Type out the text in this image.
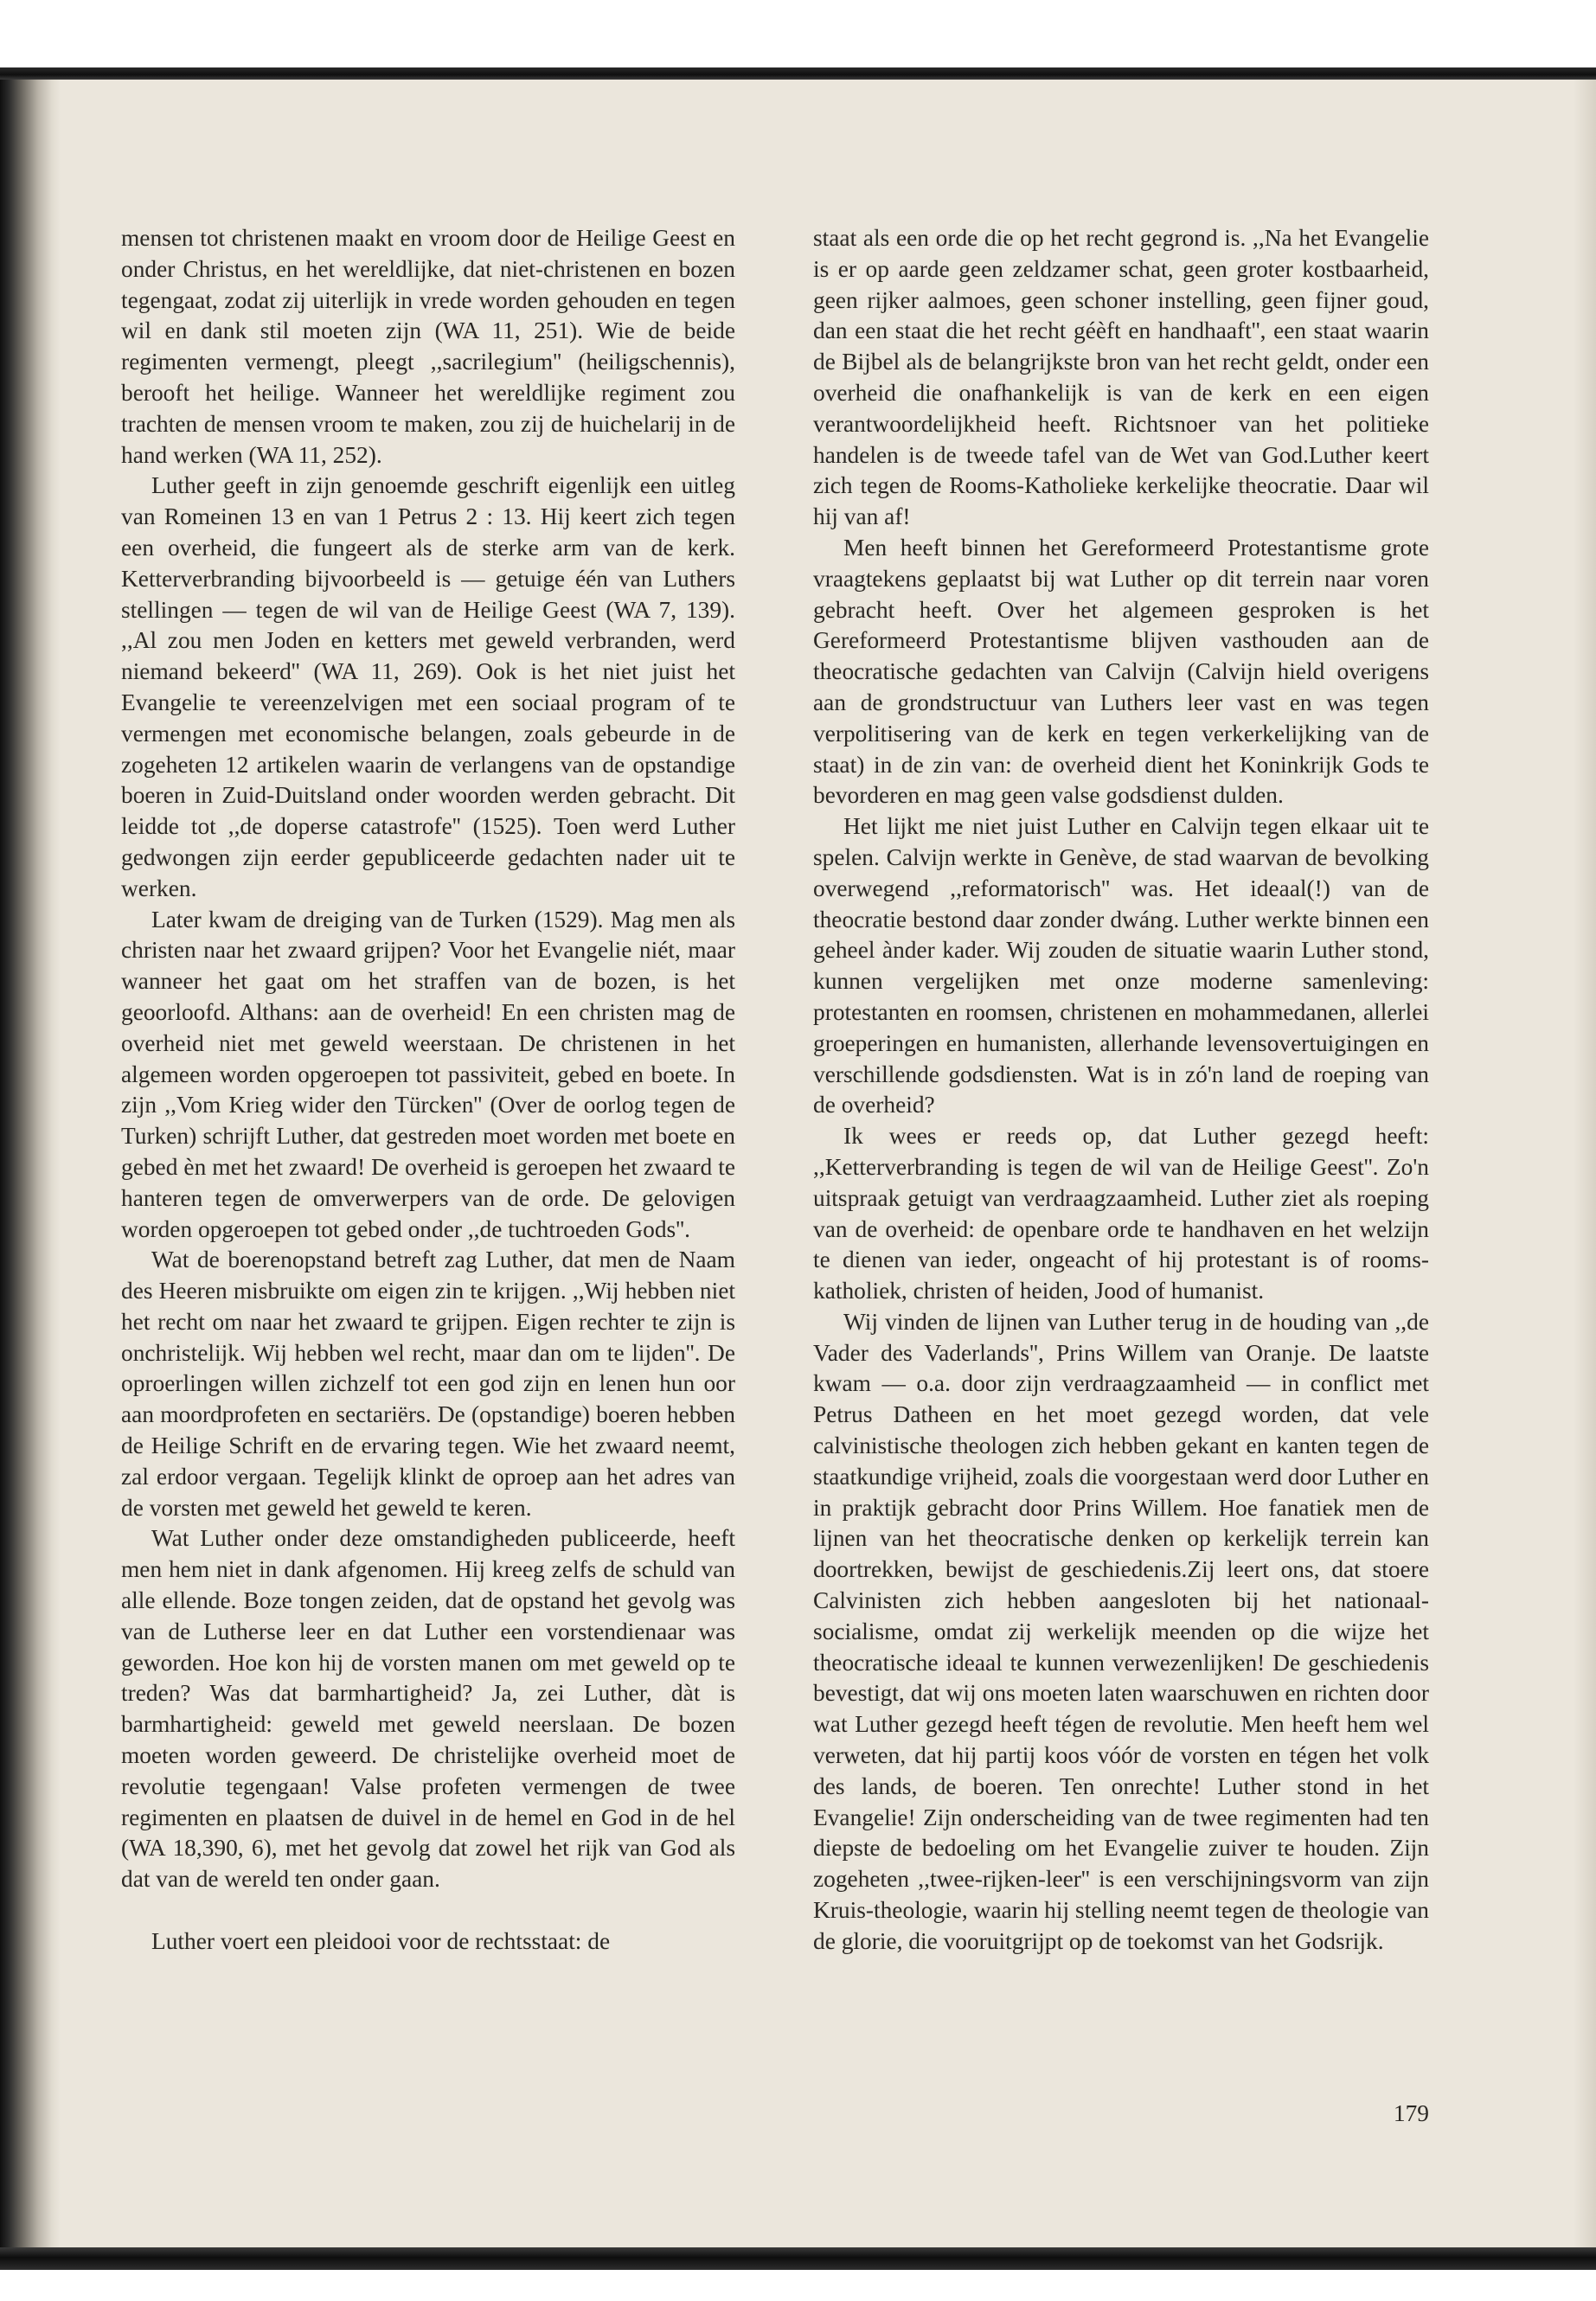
mensen tot christenen maakt en vroom door de Heilige Geest en onder Christus, en het wereldlijke, dat niet-christenen en bozen tegengaat, zodat zij uiterlijk in vrede worden gehouden en tegen wil en dank stil moeten zijn (WA 11, 251). Wie de beide regimenten vermengt, pleegt ,,sacrilegium'' (heiligschennis), berooft het heilige. Wanneer het wereldlijke regiment zou trachten de mensen vroom te maken, zou zij de huichelarij in de hand werken (WA 11, 252).

Luther geeft in zijn genoemde geschrift eigenlijk een uitleg van Romeinen 13 en van 1 Petrus 2 : 13. Hij keert zich tegen een overheid, die fungeert als de sterke arm van de kerk. Ketterverbranding bijvoorbeeld is — getuige één van Luthers stellingen — tegen de wil van de Heilige Geest (WA 7, 139). ,,Al zou men Joden en ketters met geweld verbranden, werd niemand bekeerd'' (WA 11, 269). Ook is het niet juist het Evangelie te vereenzelvigen met een sociaal program of te vermengen met economische belangen, zoals gebeurde in de zogeheten 12 artikelen waarin de verlangens van de opstandige boeren in Zuid-Duitsland onder woorden werden gebracht. Dit leidde tot ,,de doperse catastrofe'' (1525). Toen werd Luther gedwongen zijn eerder gepubliceerde gedachten nader uit te werken.

Later kwam de dreiging van de Turken (1529). Mag men als christen naar het zwaard grijpen? Voor het Evangelie niét, maar wanneer het gaat om het straffen van de bozen, is het geoorloofd. Althans: aan de overheid! En een christen mag de overheid niet met geweld weerstaan. De christenen in het algemeen worden opgeroepen tot passiviteit, gebed en boete. In zijn ,,Vom Krieg wider den Türcken'' (Over de oorlog tegen de Turken) schrijft Luther, dat gestreden moet worden met boete en gebed èn met het zwaard! De overheid is geroepen het zwaard te hanteren tegen de omverwerpers van de orde. De gelovigen worden opgeroepen tot gebed onder ,,de tuchtroeden Gods''.

Wat de boerenopstand betreft zag Luther, dat men de Naam des Heeren misbruikte om eigen zin te krijgen. ,,Wij hebben niet het recht om naar het zwaard te grijpen. Eigen rechter te zijn is onchristelijk. Wij hebben wel recht, maar dan om te lijden''. De oproerlingen willen zichzelf tot een god zijn en lenen hun oor aan moordprofeten en sectariërs. De (opstandige) boeren hebben de Heilige Schrift en de ervaring tegen. Wie het zwaard neemt, zal erdoor vergaan. Tegelijk klinkt de oproep aan het adres van de vorsten met geweld het geweld te keren.

Wat Luther onder deze omstandigheden publiceerde, heeft men hem niet in dank afgenomen. Hij kreeg zelfs de schuld van alle ellende. Boze tongen zeiden, dat de opstand het gevolg was van de Lutherse leer en dat Luther een vorstendienaar was geworden. Hoe kon hij de vorsten manen om met geweld op te treden? Was dat barmhartigheid? Ja, zei Luther, dàt is barmhartigheid: geweld met geweld neerslaan. De bozen moeten worden geweerd. De christelijke overheid moet de revolutie tegengaan! Valse profeten vermengen de twee regimenten en plaatsen de duivel in de hemel en God in de hel (WA 18,390, 6), met het gevolg dat zowel het rijk van God als dat van de wereld ten onder gaan.

Luther voert een pleidooi voor de rechtsstaat: de

staat als een orde die op het recht gegrond is. ,,Na het Evangelie is er op aarde geen zeldzamer schat, geen groter kostbaarheid, geen rijker aalmoes, geen schoner instelling, geen fijner goud, dan een staat die het recht géèft en handhaaft'', een staat waarin de Bijbel als de belangrijkste bron van het recht geldt, onder een overheid die onafhankelijk is van de kerk en een eigen verantwoordelijkheid heeft. Richtsnoer van het politieke handelen is de tweede tafel van de Wet van God.Luther keert zich tegen de Rooms-Katholieke kerkelijke theocratie. Daar wil hij van af!

Men heeft binnen het Gereformeerd Protestantisme grote vraagtekens geplaatst bij wat Luther op dit terrein naar voren gebracht heeft. Over het algemeen gesproken is het Gereformeerd Protestantisme blijven vasthouden aan de theocratische gedachten van Calvijn (Calvijn hield overigens aan de grondstructuur van Luthers leer vast en was tegen verpolitisering van de kerk en tegen verkerkelijking van de staat) in de zin van: de overheid dient het Koninkrijk Gods te bevorderen en mag geen valse godsdienst dulden.

Het lijkt me niet juist Luther en Calvijn tegen elkaar uit te spelen. Calvijn werkte in Genève, de stad waarvan de bevolking overwegend ,,reformatorisch'' was. Het ideaal(!) van de theocratie bestond daar zonder dwáng. Luther werkte binnen een geheel ànder kader. Wij zouden de situatie waarin Luther stond, kunnen vergelijken met onze moderne samenleving: protestanten en roomsen, christenen en mohammedanen, allerlei groeperingen en humanisten, allerhande levensovertuigingen en verschillende godsdiensten. Wat is in zó'n land de roeping van de overheid?

Ik wees er reeds op, dat Luther gezegd heeft: ,,Ketterverbranding is tegen de wil van de Heilige Geest''. Zo'n uitspraak getuigt van verdraagzaamheid. Luther ziet als roeping van de overheid: de openbare orde te handhaven en het welzijn te dienen van ieder, ongeacht of hij protestant is of rooms-katholiek, christen of heiden, Jood of humanist.

Wij vinden de lijnen van Luther terug in de houding van ,,de Vader des Vaderlands'', Prins Willem van Oranje. De laatste kwam — o.a. door zijn verdraagzaamheid — in conflict met Petrus Datheen en het moet gezegd worden, dat vele calvinistische theologen zich hebben gekant en kanten tegen de staatkundige vrijheid, zoals die voorgestaan werd door Luther en in praktijk gebracht door Prins Willem. Hoe fanatiek men de lijnen van het theocratische denken op kerkelijk terrein kan doortrekken, bewijst de geschiedenis.Zij leert ons, dat stoere Calvinisten zich hebben aangesloten bij het nationaal-socialisme, omdat zij werkelijk meenden op die wijze het theocratische ideaal te kunnen verwezenlijken! De geschiedenis bevestigt, dat wij ons moeten laten waarschuwen en richten door wat Luther gezegd heeft tégen de revolutie. Men heeft hem wel verweten, dat hij partij koos vóór de vorsten en tégen het volk des lands, de boeren. Ten onrechte! Luther stond in het Evangelie! Zijn onderscheiding van de twee regimenten had ten diepste de bedoeling om het Evangelie zuiver te houden. Zijn zogeheten ,,twee-rijken-leer'' is een verschijningsvorm van zijn Kruis-theologie, waarin hij stelling neemt tegen de theologie van de glorie, die vooruitgrijpt op de toekomst van het Godsrijk.

179
